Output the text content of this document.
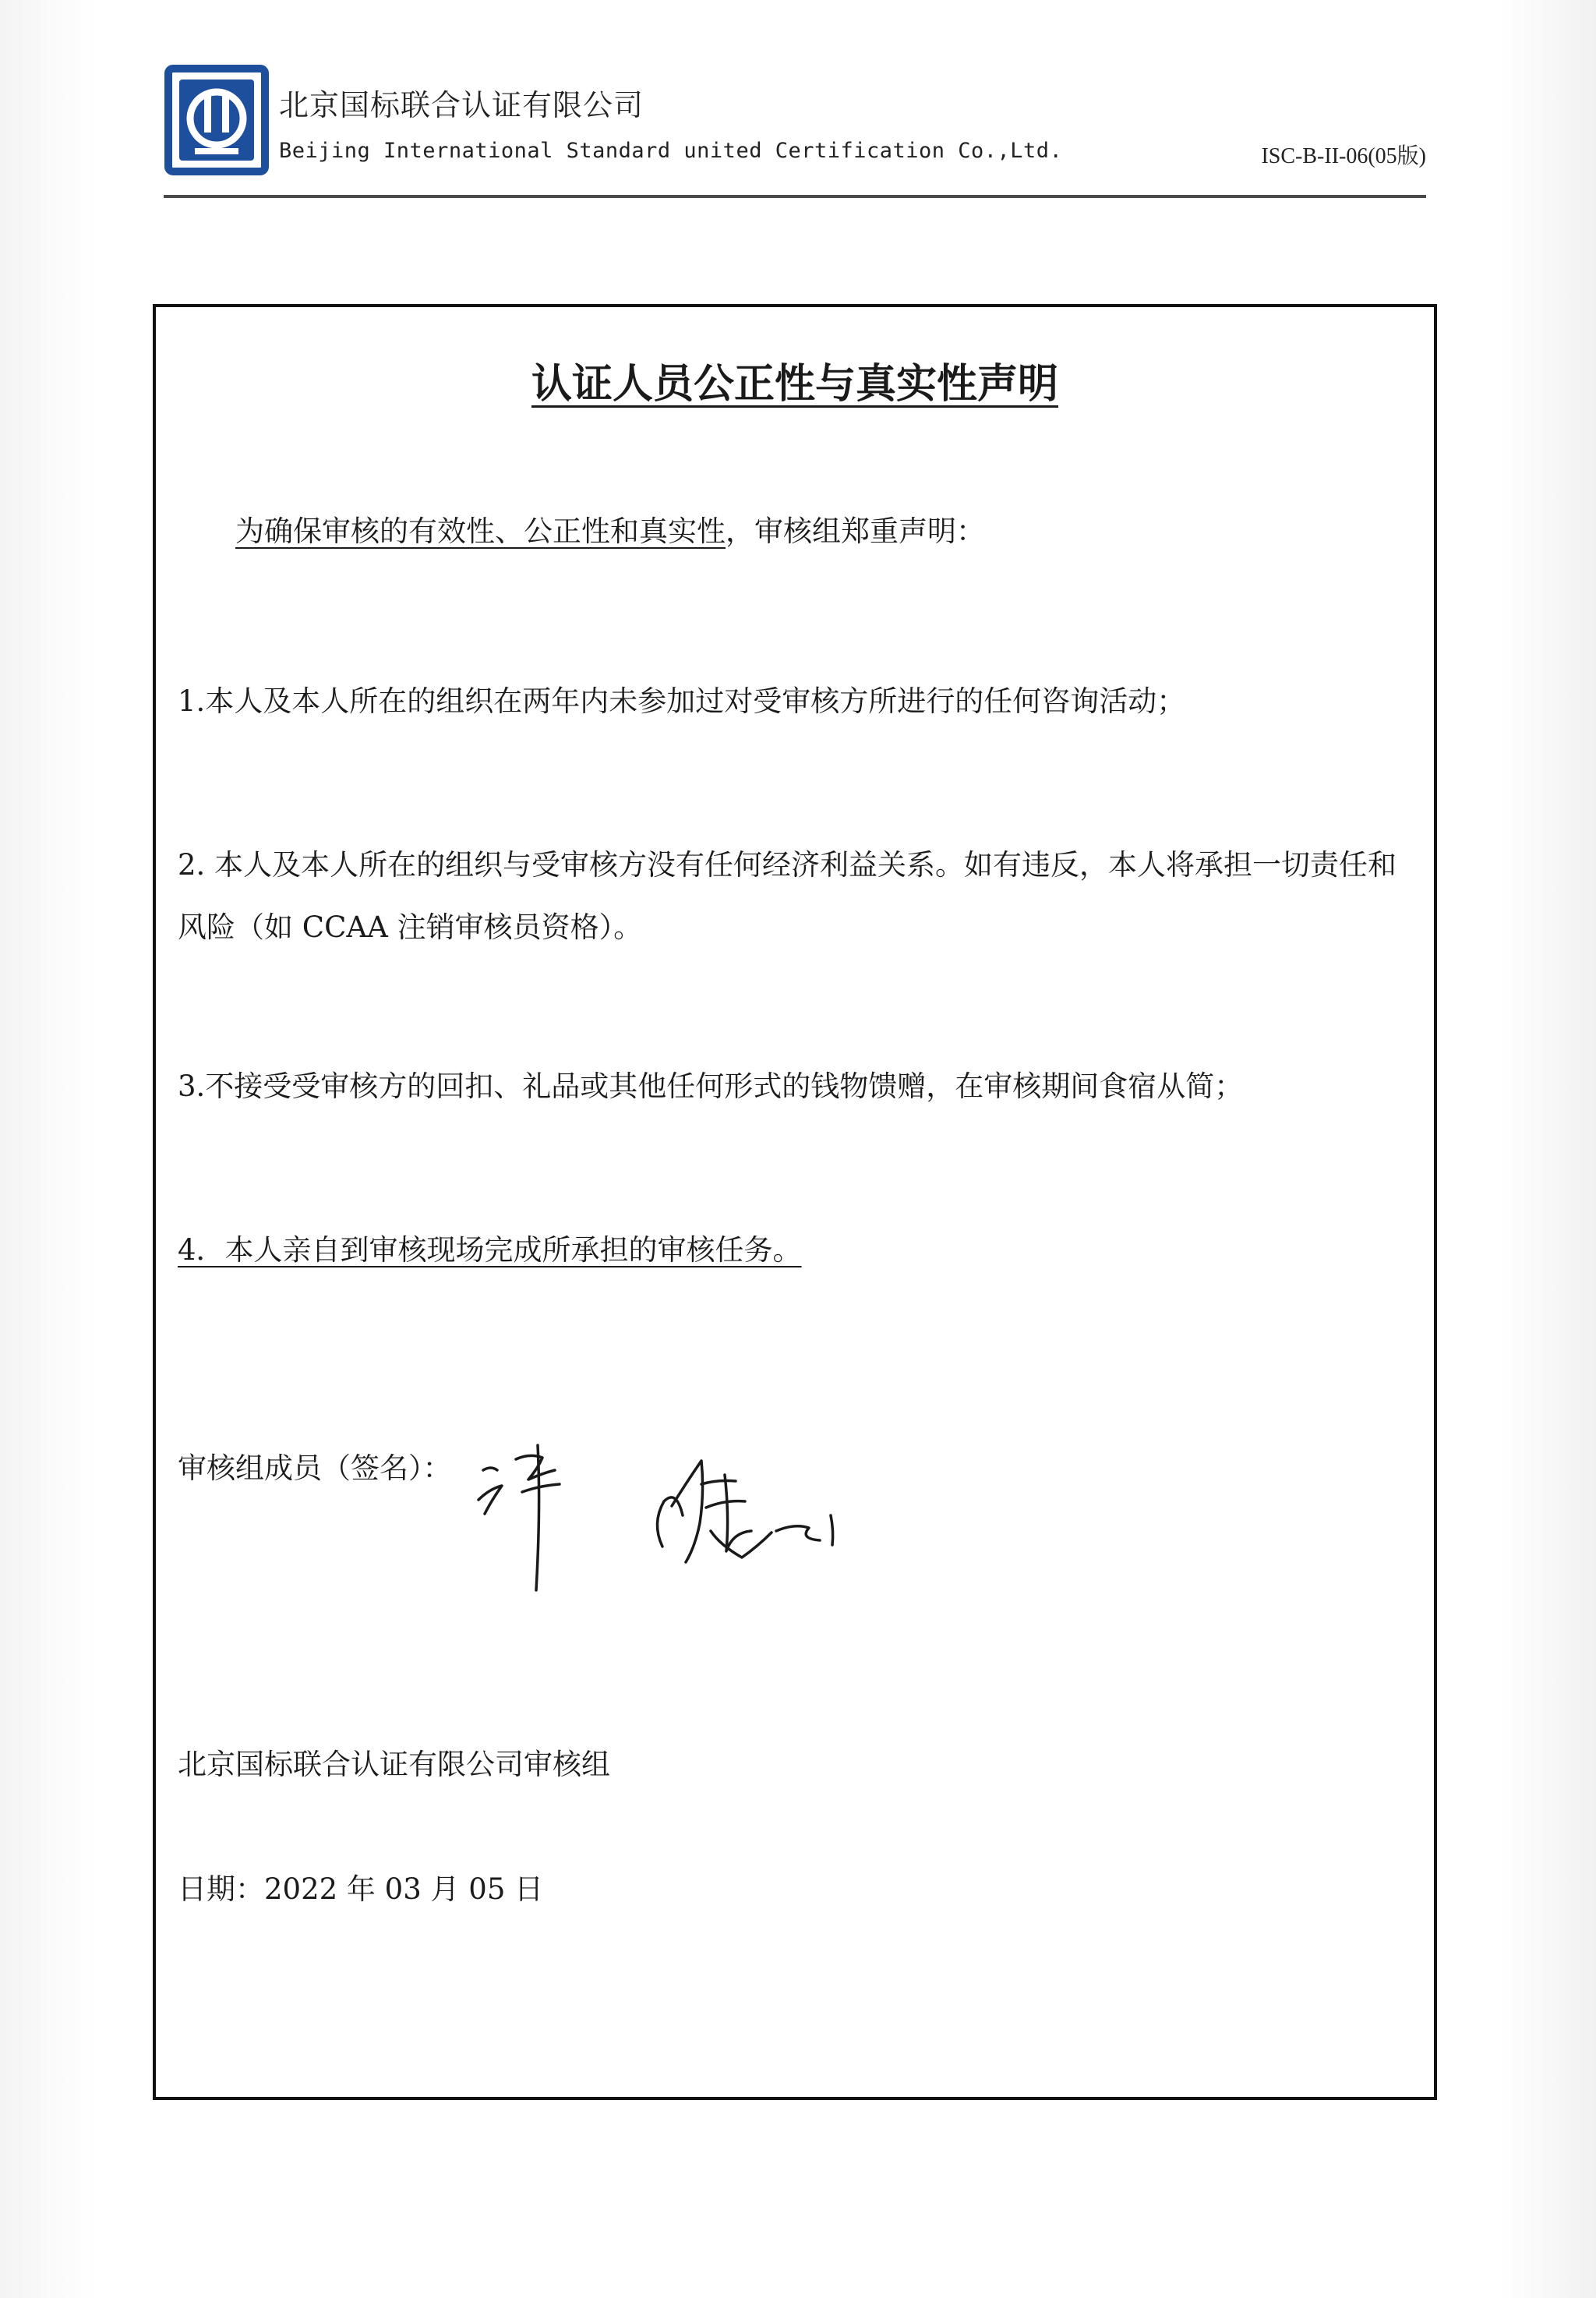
北京国标联合认证有限公司
Beijing International Standard united Certification Co.,Ltd.	ISC-B-II-06(05版)
认证人员公正性与真实性声明
为确保审核的有效性、公正性和真实性，审核组郑重声明：
1.本人及本人所在的组织在两年内未参加过对受审核方所进行的任何咨询活动；
2. 本人及本人所在的组织与受审核方没有任何经济利益关系。如有违反，本人将承担一切责任和风险（如 CCAA 注销审核员资格）。
3.不接受受审核方的回扣、礼品或其他任何形式的钱物馈赠，在审核期间食宿从简；
4．本人亲自到审核现场完成所承担的审核任务。
审核组成员（签名）：
北京国标联合认证有限公司审核组
日期：2022 年 03 月 05 日
